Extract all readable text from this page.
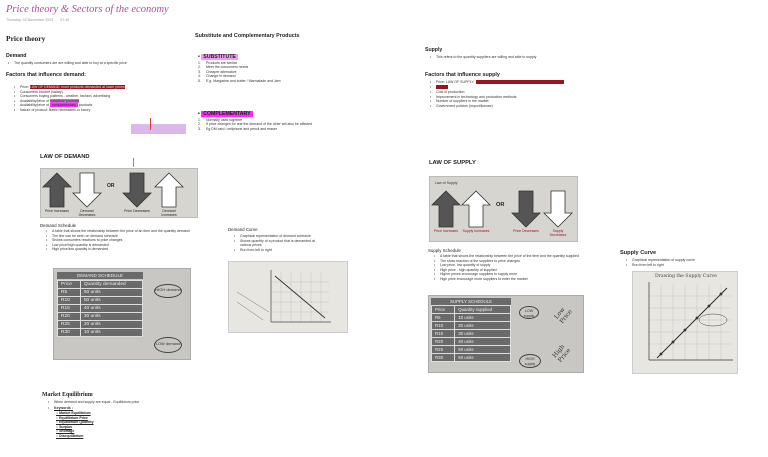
Price theory & Sectors of the economy
Thursday, 02 November 2023 07:46
Price theory
Demand
• The quantity consumers are are willing and able to buy at a specific price
Factors that influence demand:
• Price: LAW OF DEMAND: more products demanded at lower prices
• Consumers income (salary)
• Consumers buying patterns - weather, fashion, advertising
• Availability/price of substitute products
• Availability/price of complementary products
• Nature of product: Basic necessities or luxury
Substitute and Complementary Products
• SUBSTITUTE
1. Products are similar
2. Meet the consumers needs
3. Cheaper alternative
4. Change in demand
5. E.g. Margarine and butter / Marmalade and Jam
• COMPLEMENTARY
1. Normally used together
2. If price changes for one the demand of the other will also be affected
3. Eg DM card / cellphone and pencil and eraser
LAW OF DEMAND
OR
Price Increases	Demand Decreases
Price Decreases	Demand Increases
Demand Schedule
• A table that shows the relationship between the price of an item and the quantity demand
• The line can be seen on demand schedule
• Shows consumers reactions to price changes
• Low price/high quantity is demanded
• High price/low quantity is demanded
DEMAND SCHEDULE
Price	Quantity demanded
R5	60 units
R10	50 units
R15	40 units
R20	30 units
R25	20 units
R30	10 units
HIGH demand
LOW demand
Demand Curve
• Graphical representation of demand schedule
• Shows quantity of a product that is demanded at various prices
• Run from left to right
Supply
• This refers to the quantity suppliers are willing and able to supply
Factors that influence supply
• Price: LAW OF SUPPLY
•
• Cost of production
• Improvement in technology and production methods
• Number of suppliers in the market
• Government policies (import/license)
LAW OF SUPPLY
Law of Supply
OR
Price Increases	Supply Increases	Price Decreases	Supply Decreases
Supply Schedule
• A table that shows the relationship between the price of the item and the quantity supplied
• The show reaction of the suppliers to price changes
• Low price, low quantity of supply
• High price - high quantity of supplied
• Higher prices encourage suppliers to supply more
• High price encourage more suppliers to enter the market
SUPPLY SCHEDULE
Price	Quantity supplied
R5	10 units
R10	20 units
R15	30 units
R20	40 units
R25	50 units
R30	60 units
LOW supply
HIGH supply
Low Price
High Price
Supply Curve
• Graphical representation of supply curve
• Run from left to right
Drawing the Supply Curve
Market Equilibrium
• When demand and supply are equal - Equilibrium price
• Keywords :
○ Market Equilibrium
○ Equilibrium Price
○ Equilibrium Quantity
○ Surplus
○ Shortage
○ Disequilibrium
